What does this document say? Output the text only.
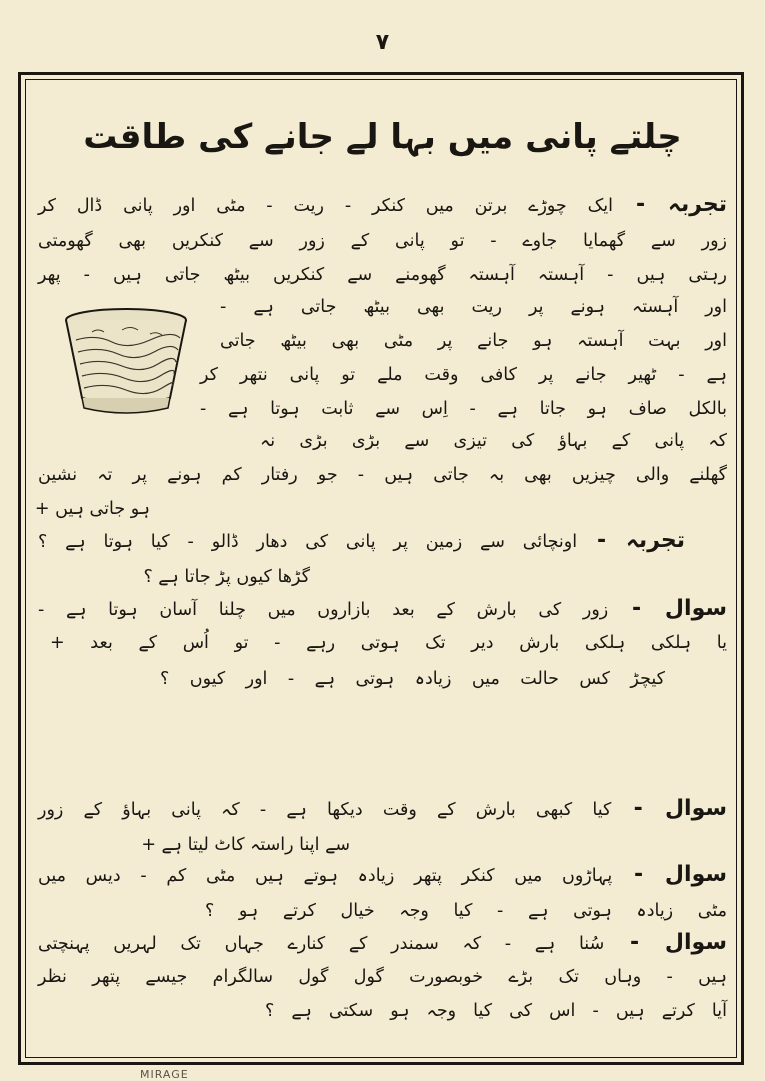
۷
چلتے پانی میں بہا لے جانے کی طاقت
تجربہ - ایک چوڑے برتن میں کنکر - ریت - مٹی اور پانی ڈال کر
زور سے گھمایا جاوے - تو پانی کے زور سے کنکریں بھی گھومتی
رہتی ہیں - آہستہ آہستہ گھومنے سے کنکریں بیٹھ جاتی ہیں - پھر
اور آہستہ ہونے پر ریت بھی بیٹھ جاتی ہے -
اور بہت آہستہ ہو جانے پر مٹی بھی بیٹھ جاتی
ہے - ٹھیر جانے پر کافی وقت ملے تو پانی نتھر کر
بالکل صاف ہو جاتا ہے - اِس سے ثابت ہوتا ہے -
کہ پانی کے بہاؤ کی تیزی سے بڑی بڑی نہ
گھلنے والی چیزیں بھی بہ جاتی ہیں - جو رفتار کم ہونے پر تہ نشین
ہو جاتی ہیں +
تجربہ - اونچائی سے زمین پر پانی کی دھار ڈالو - کیا ہوتا ہے ؟
گڑھا کیوں پڑ جاتا ہے ؟
سوال - زور کی بارش کے بعد بازاروں میں چلنا آسان ہوتا ہے -
یا ہلکی ہلکی بارش دیر تک ہوتی رہے - تو اُس کے بعد +
کیچڑ کس حالت میں زیادہ ہوتی ہے - اور کیوں ؟
سوال - کیا کبھی بارش کے وقت دیکھا ہے - کہ پانی بہاؤ کے زور
سے اپنا راستہ کاٹ لیتا ہے +
سوال - پہاڑوں میں کنکر پتھر زیادہ ہوتے ہیں مٹی کم - دیس میں
مٹی زیادہ ہوتی ہے - کیا وجہ خیال کرتے ہو ؟
سوال - سُنا ہے - کہ سمندر کے کنارے جہاں تک لہریں پہنچتی
ہیں - وہاں تک بڑے خوبصورت گول گول سالگرام جیسے پتھر نظر
آیا کرتے ہیں - اس کی کیا وجہ ہو سکتی ہے ؟
MIRAGE
